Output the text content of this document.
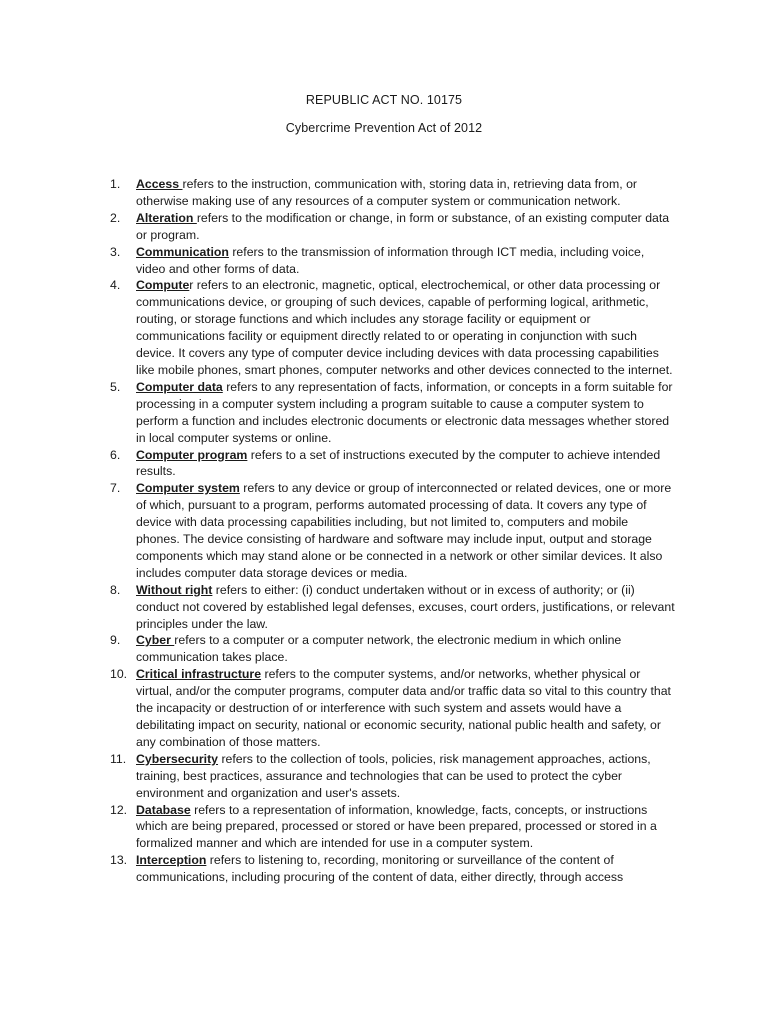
REPUBLIC ACT NO. 10175
Cybercrime Prevention Act of 2012
1. Access refers to the instruction, communication with, storing data in, retrieving data from, or otherwise making use of any resources of a computer system or communication network.
2. Alteration refers to the modification or change, in form or substance, of an existing computer data or program.
3. Communication refers to the transmission of information through ICT media, including voice, video and other forms of data.
4. Computer refers to an electronic, magnetic, optical, electrochemical, or other data processing or communications device, or grouping of such devices, capable of performing logical, arithmetic, routing, or storage functions and which includes any storage facility or equipment or communications facility or equipment directly related to or operating in conjunction with such device. It covers any type of computer device including devices with data processing capabilities like mobile phones, smart phones, computer networks and other devices connected to the internet.
5. Computer data refers to any representation of facts, information, or concepts in a form suitable for processing in a computer system including a program suitable to cause a computer system to perform a function and includes electronic documents or electronic data messages whether stored in local computer systems or online.
6. Computer program refers to a set of instructions executed by the computer to achieve intended results.
7. Computer system refers to any device or group of interconnected or related devices, one or more of which, pursuant to a program, performs automated processing of data. It covers any type of device with data processing capabilities including, but not limited to, computers and mobile phones. The device consisting of hardware and software may include input, output and storage components which may stand alone or be connected in a network or other similar devices. It also includes computer data storage devices or media.
8. Without right refers to either: (i) conduct undertaken without or in excess of authority; or (ii) conduct not covered by established legal defenses, excuses, court orders, justifications, or relevant principles under the law.
9. Cyber refers to a computer or a computer network, the electronic medium in which online communication takes place.
10. Critical infrastructure refers to the computer systems, and/or networks, whether physical or virtual, and/or the computer programs, computer data and/or traffic data so vital to this country that the incapacity or destruction of or interference with such system and assets would have a debilitating impact on security, national or economic security, national public health and safety, or any combination of those matters.
11. Cybersecurity refers to the collection of tools, policies, risk management approaches, actions, training, best practices, assurance and technologies that can be used to protect the cyber environment and organization and user's assets.
12. Database refers to a representation of information, knowledge, facts, concepts, or instructions which are being prepared, processed or stored or have been prepared, processed or stored in a formalized manner and which are intended for use in a computer system.
13. Interception refers to listening to, recording, monitoring or surveillance of the content of communications, including procuring of the content of data, either directly, through access
